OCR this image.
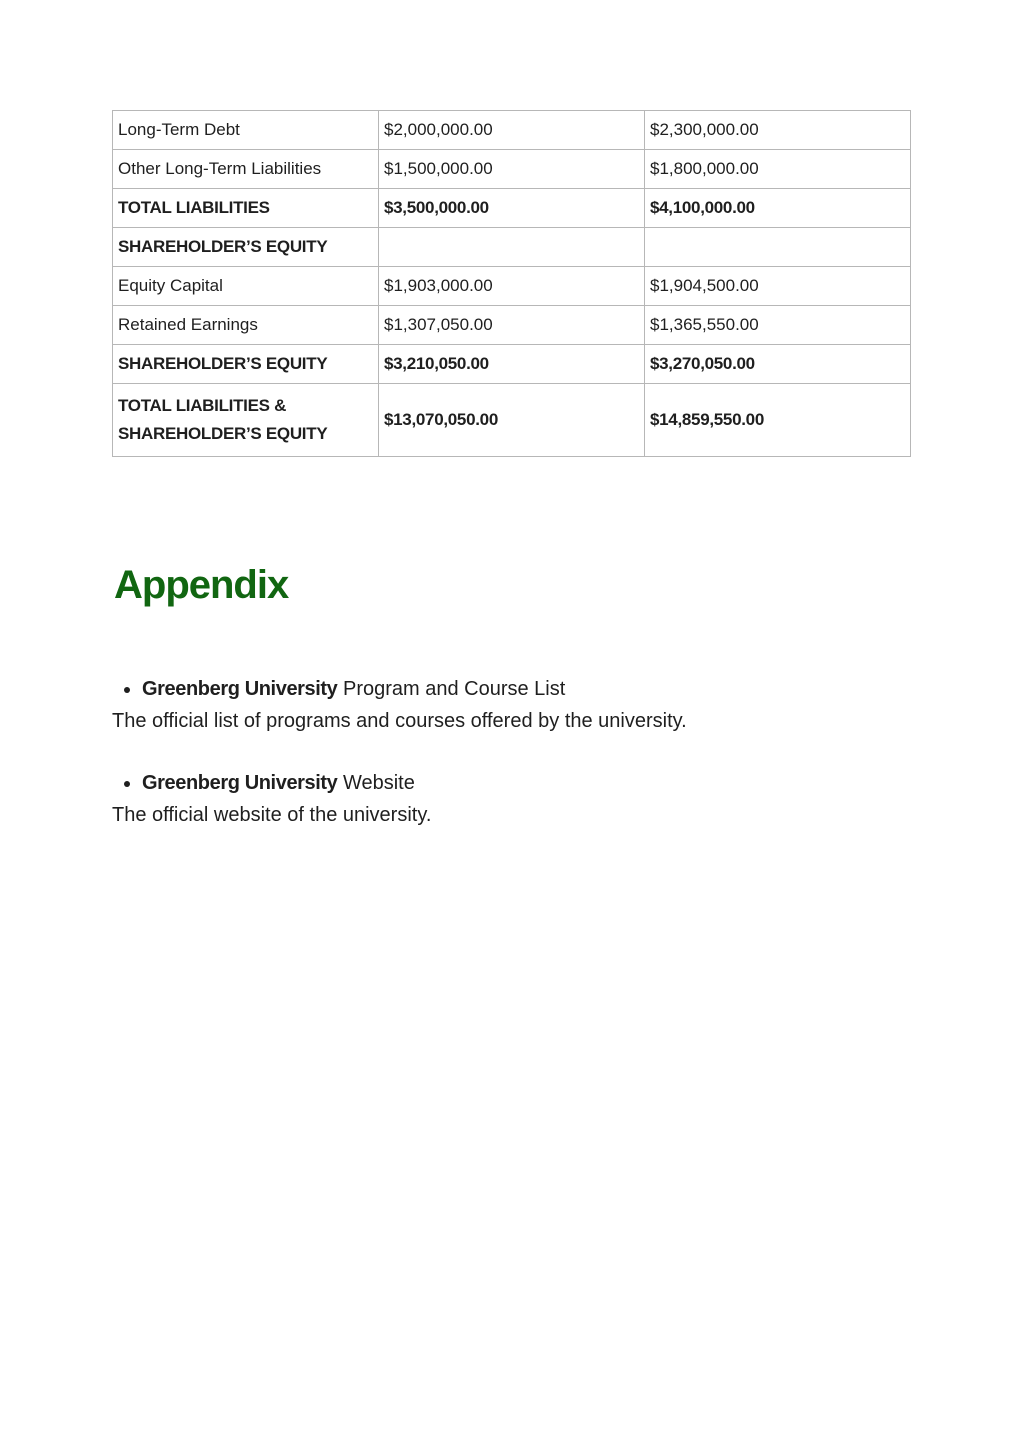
Long-Term Debt	$2,000,000.00	$2,300,000.00
Other Long-Term Liabilities	$1,500,000.00	$1,800,000.00
TOTAL LIABILITIES	$3,500,000.00	$4,100,000.00
SHAREHOLDER’S EQUITY		
Equity Capital	$1,903,000.00	$1,904,500.00
Retained Earnings	$1,307,050.00	$1,365,550.00
SHAREHOLDER’S EQUITY	$3,210,050.00	$3,270,050.00
TOTAL LIABILITIES &
SHAREHOLDER’S EQUITY	$13,070,050.00	$14,859,550.00
Appendix
• Greenberg University Program and Course List

The official list of programs and courses offered by the university.

• Greenberg University Website

The official website of the university.
